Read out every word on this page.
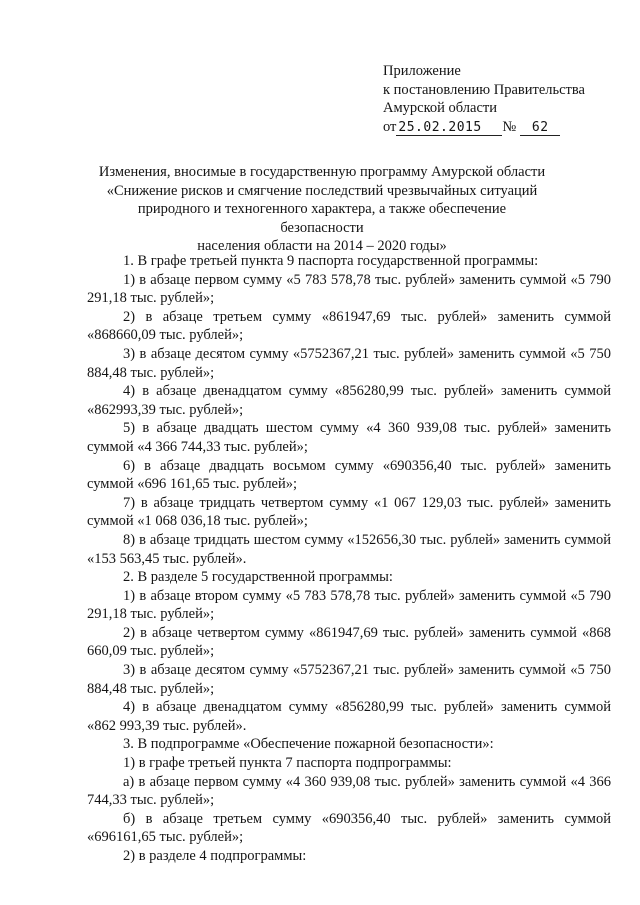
Приложение
к постановлению Правительства
Амурской области
от 25.02.2015 № 62
Изменения, вносимые в государственную программу Амурской области
«Снижение рисков и смягчение последствий чрезвычайных ситуаций
природного и техногенного характера, а также обеспечение безопасности
населения области на 2014 – 2020 годы»

1. В графе третьей пункта 9 паспорта государственной программы:

1) в абзаце первом сумму «5 783 578,78 тыс. рублей» заменить суммой «5 790 291,18 тыс. рублей»;

2) в абзаце третьем сумму «861947,69 тыс. рублей» заменить суммой «868660,09 тыс. рублей»;

3) в абзаце десятом сумму «5752367,21 тыс. рублей» заменить суммой «5 750 884,48 тыс. рублей»;

4) в абзаце двенадцатом сумму «856280,99 тыс. рублей» заменить суммой «862993,39 тыс. рублей»;

5) в абзаце двадцать шестом сумму «4 360 939,08 тыс. рублей» заменить суммой «4 366 744,33 тыс. рублей»;

6) в абзаце двадцать восьмом сумму «690356,40 тыс. рублей» заменить суммой «696 161,65 тыс. рублей»;

7) в абзаце тридцать четвертом сумму «1 067 129,03 тыс. рублей» заменить суммой «1 068 036,18 тыс. рублей»;

8) в абзаце тридцать шестом сумму «152656,30 тыс. рублей» заменить суммой «153 563,45 тыс. рублей».

2. В разделе 5 государственной программы:

1) в абзаце втором сумму «5 783 578,78 тыс. рублей» заменить суммой «5 790 291,18 тыс. рублей»;

2) в абзаце четвертом сумму «861947,69 тыс. рублей» заменить суммой «868 660,09 тыс. рублей»;

3) в абзаце десятом сумму «5752367,21 тыс. рублей» заменить суммой «5 750 884,48 тыс. рублей»;

4) в абзаце двенадцатом сумму «856280,99 тыс. рублей» заменить суммой «862 993,39 тыс. рублей».

3. В подпрограмме «Обеспечение пожарной безопасности»:

1) в графе третьей пункта 7 паспорта подпрограммы:

а) в абзаце первом сумму «4 360 939,08 тыс. рублей» заменить суммой «4 366 744,33 тыс. рублей»;

б) в абзаце третьем сумму «690356,40 тыс. рублей» заменить суммой «696161,65 тыс. рублей»;

2) в разделе 4 подпрограммы:
